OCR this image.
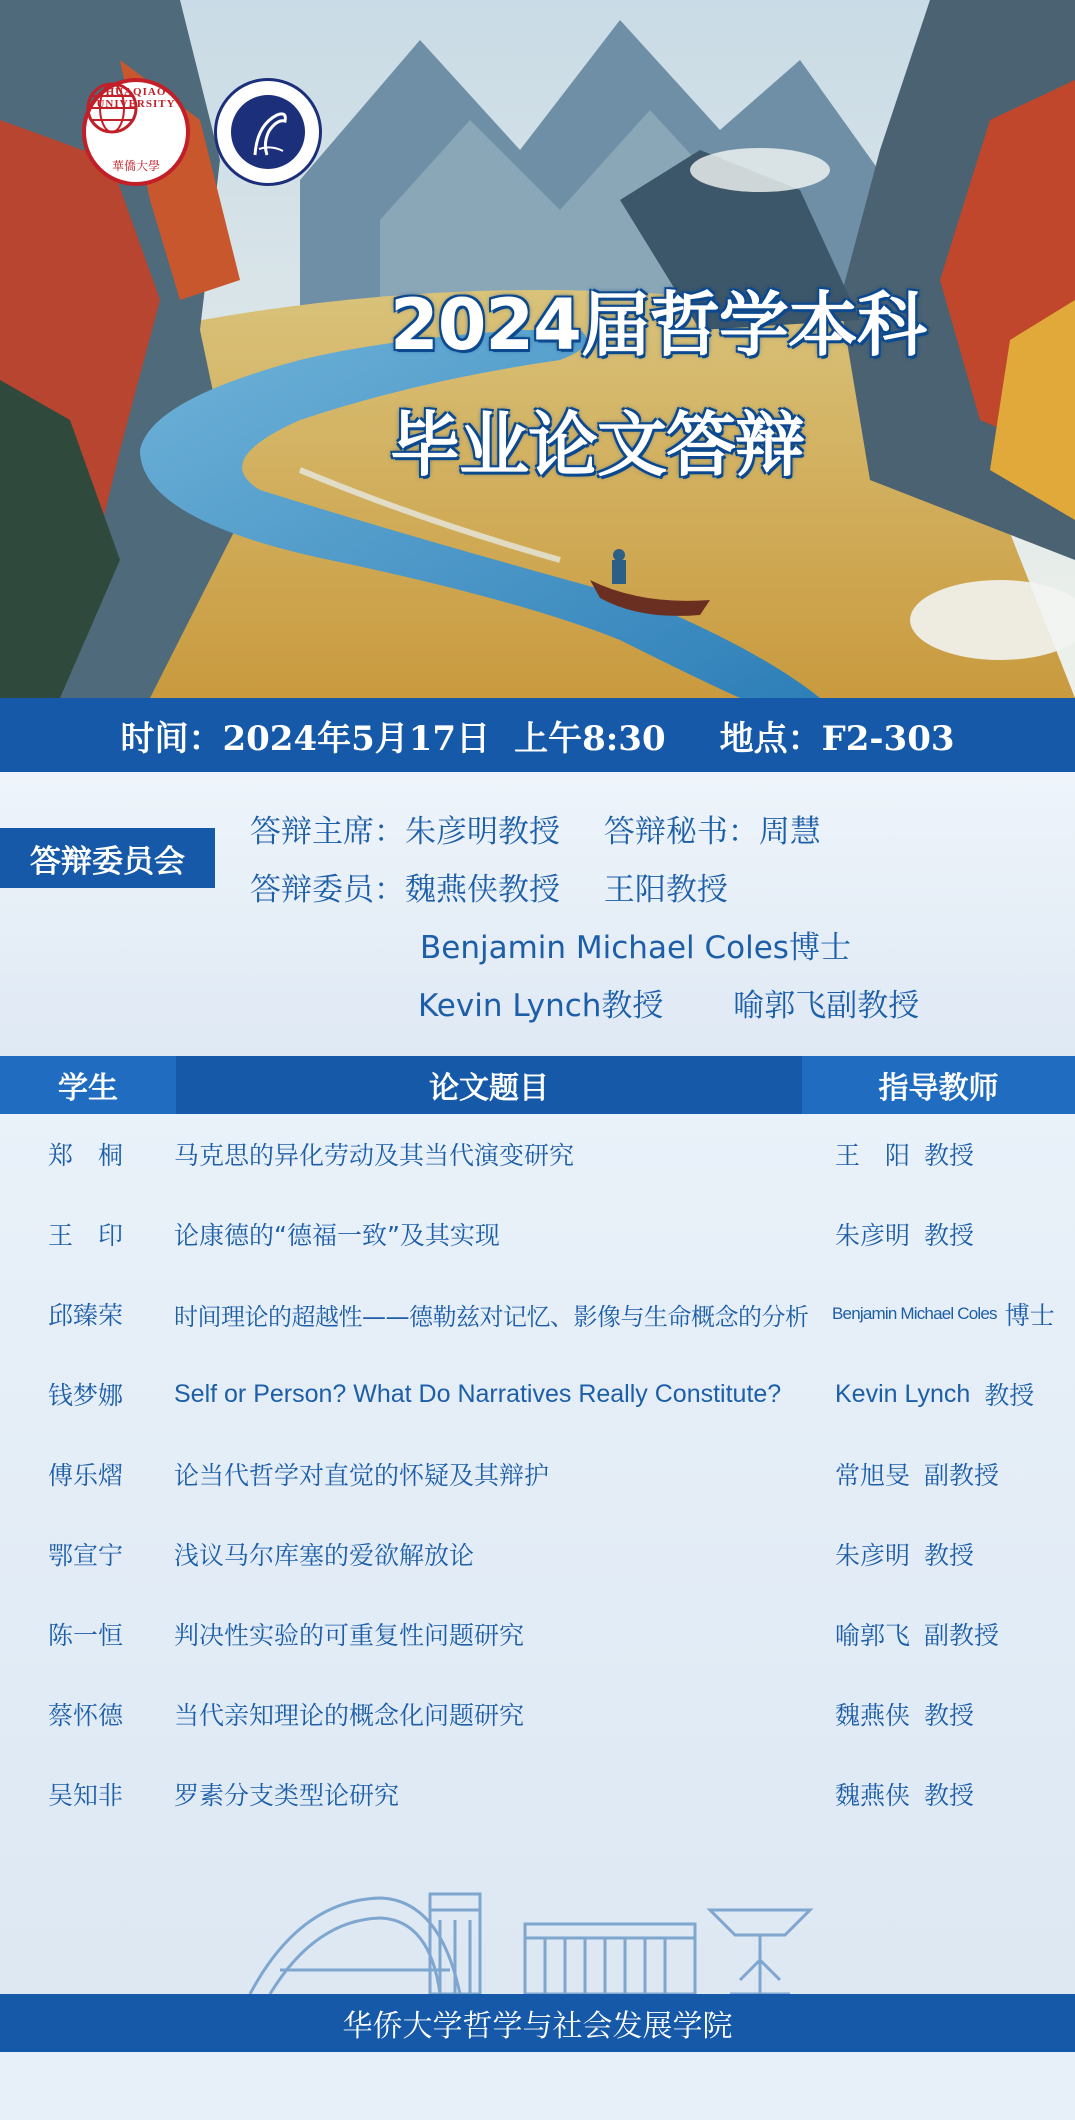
HUAQIAO UNIVERSITY
華僑大學
2024届哲学本科
毕业论文答辩
时间：2024年5月17日 上午8:30 地点：F2-303
答辩委员会
答辩主席：朱彦明教授 答辩秘书：周慧
答辩委员：魏燕侠教授 王阳教授
Benjamin Michael Coles博士
Kevin Lynch教授 喻郭飞副教授
学生	论文题目	指导教师
郑　桐	马克思的异化劳动及其当代演变研究	王　阳 教授
王　印	论康德的“德福一致”及其实现	朱彦明 教授
邱臻荣	时间理论的超越性——德勒兹对记忆、影像与生命概念的分析	Benjamin Michael Coles 博士
钱梦娜	Self or Person? What Do Narratives Really Constitute?	Kevin Lynch 教授
傅乐熠	论当代哲学对直觉的怀疑及其辩护	常旭旻 副教授
鄂宣宁	浅议马尔库塞的爱欲解放论	朱彦明 教授
陈一恒	判决性实验的可重复性问题研究	喻郭飞 副教授
蔡怀德	当代亲知理论的概念化问题研究	魏燕侠 教授
吴知非	罗素分支类型论研究	魏燕侠 教授
华侨大学哲学与社会发展学院
